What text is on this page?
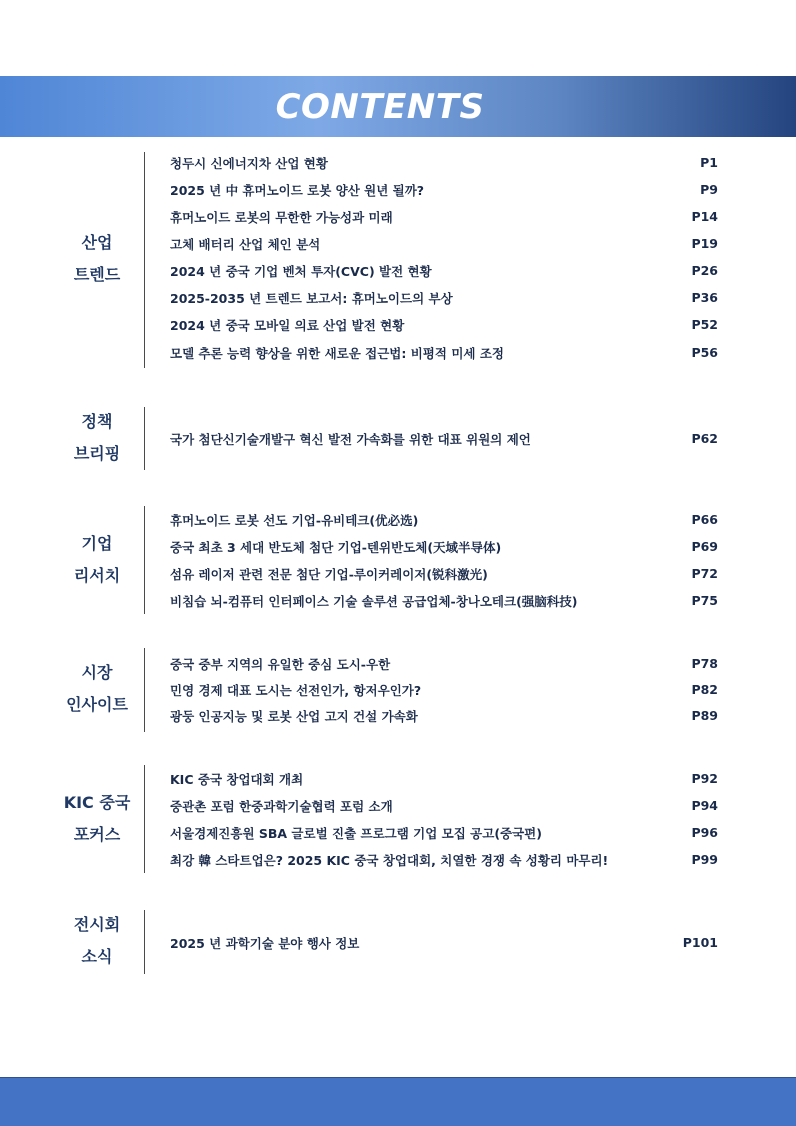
CONTENTS
산업
트렌드
청두시 신에너지차 산업 현황	P1
2025 년 中 휴머노이드 로봇 양산 원년 될까?	P9
휴머노이드 로봇의 무한한 가능성과 미래	P14
고체 배터리 산업 체인 분석	P19
2024 년 중국 기업 벤처 투자(CVC) 발전 현황	P26
2025-2035 년 트렌드 보고서: 휴머노이드의 부상	P36
2024 년 중국 모바일 의료 산업 발전 현황	P52
모델 추론 능력 향상을 위한 새로운 접근법: 비평적 미세 조정	P56
정책
브리핑
국가 첨단신기술개발구 혁신 발전 가속화를 위한 대표 위원의 제언	P62
기업
리서치
휴머노이드 로봇 선도 기업-유비테크(优必选)	P66
중국 최초 3 세대 반도체 첨단 기업-텐위반도체(天域半导体)	P69
섬유 레이저 관련 전문 첨단 기업-루이커레이저(锐科激光)	P72
비침습 뇌-컴퓨터 인터페이스 기술 솔루션 공급업체-창나오테크(强脑科技)	P75
시장
인사이트
중국 중부 지역의 유일한 중심 도시-우한	P78
민영 경제 대표 도시는 선전인가, 항저우인가?	P82
광둥 인공지능 및 로봇 산업 고지 건설 가속화	P89
KIC 중국
포커스
KIC 중국 창업대회 개최	P92
중관촌 포럼 한중과학기술협력 포럼 소개	P94
서울경제진흥원 SBA 글로벌 진출 프로그램 기업 모집 공고(중국편)	P96
최강 韓 스타트업은? 2025 KIC 중국 창업대회, 치열한 경쟁 속 성황리 마무리!	P99
전시회
소식
2025 년 과학기술 분야 행사 정보	P101
